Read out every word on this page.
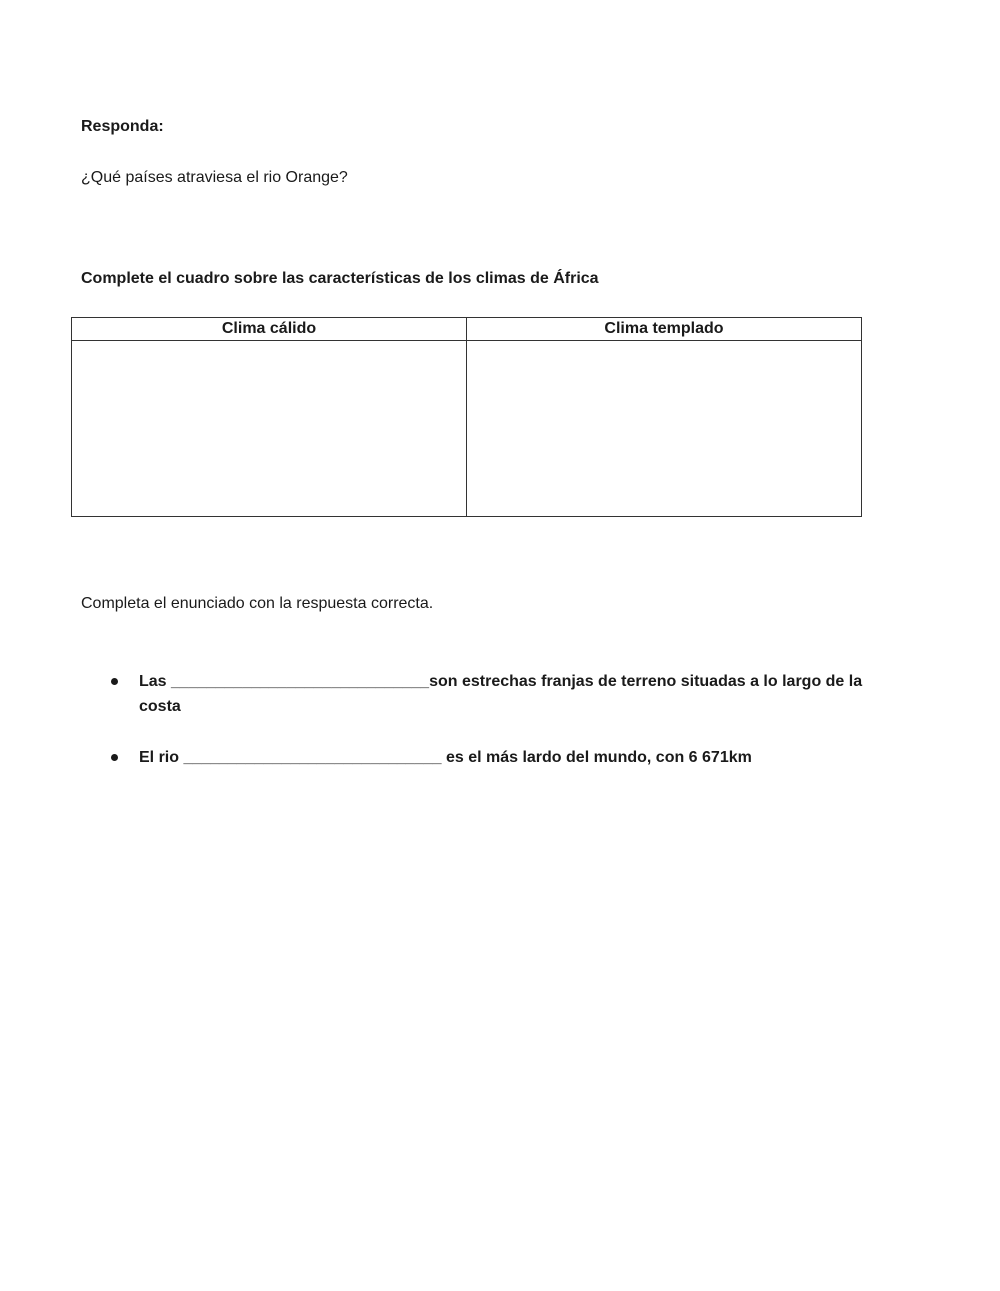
Responda:
¿Qué países atraviesa el rio Orange?
Complete el cuadro sobre las características de los climas de África
Clima cálido	Clima templado

Completa el enunciado con la respuesta correcta.
Las _____________________________son estrechas franjas de terreno situadas a lo largo de la costa
El rio _____________________________ es el más lardo del mundo, con 6 671km
